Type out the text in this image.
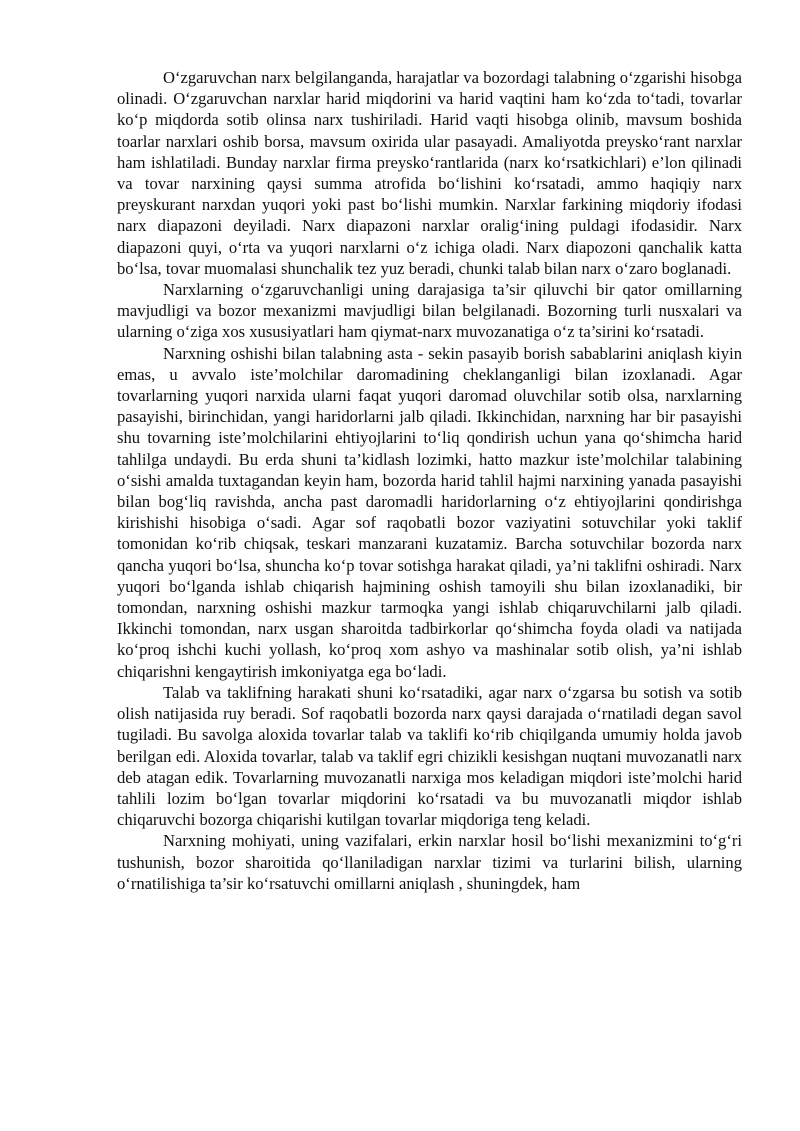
O‘zgaruvchan narx belgilanganda, harajatlar va bozordagi talabning o‘zgarishi hisobga olinadi. O‘zgaruvchan narxlar harid miqdorini va harid vaqtini ham ko‘zda to‘tadi, tovarlar ko‘p miqdorda sotib olinsa narx tushiriladi. Harid vaqti hisobga olinib, mavsum boshida toarlar narxlari oshib borsa, mavsum oxirida ular pasayadi. Amaliyotda preysko‘rant narxlar ham ishlatiladi. Bunday narxlar firma preysko‘rantlarida (narx ko‘rsatkichlari) e’lon qilinadi va tovar narxining qaysi summa atrofida bo‘lishini ko‘rsatadi, ammo haqiqiy narx preyskurant narxdan yuqori yoki past bo‘lishi mumkin. Narxlar farkining miqdoriy ifodasi narx diapazoni deyiladi. Narx diapazoni narxlar oralig‘ining puldagi ifodasidir. Narx diapazoni quyi, o‘rta va yuqori narxlarni o‘z ichiga oladi. Narx diapozoni qanchalik katta bo‘lsa, tovar muomalasi shunchalik tez yuz beradi, chunki talab bilan narx o‘zaro boglanadi.

Narxlarning o‘zgaruvchanligi uning darajasiga ta’sir qiluvchi bir qator omillarning mavjudligi va bozor mexanizmi mavjudligi bilan belgilanadi. Bozorning turli nusxalari va ularning o‘ziga xos xususiyatlari ham qiymat-narx muvozanatiga o‘z ta’sirini ko‘rsatadi.

Narxning oshishi bilan talabning asta - sekin pasayib borish sabablarini aniqlash kiyin emas, u avvalo iste’molchilar daromadining cheklanganligi bilan izoxlanadi. Agar tovarlarning yuqori narxida ularni faqat yuqori daromad oluvchilar sotib olsa, narxlarning pasayishi, birinchidan, yangi haridorlarni jalb qiladi. Ikkinchidan, narxning har bir pasayishi shu tovarning iste’molchilarini ehtiyojlarini to‘liq qondirish uchun yana qo‘shimcha harid tahlilga undaydi. Bu erda shuni ta’kidlash lozimki, hatto mazkur iste’molchilar talabining o‘sishi amalda tuxtagandan keyin ham, bozorda harid tahlil hajmi narxining yanada pasayishi bilan bog‘liq ravishda, ancha past daromadli haridorlarning o‘z ehtiyojlarini qondirishga kirishishi hisobiga o‘sadi. Agar sof raqobatli bozor vaziyatini sotuvchilar yoki taklif tomonidan ko‘rib chiqsak, teskari manzarani kuzatamiz. Barcha sotuvchilar bozorda narx qancha yuqori bo‘lsa, shuncha ko‘p tovar sotishga harakat qiladi, ya’ni taklifni oshiradi. Narx yuqori bo‘lganda ishlab chiqarish hajmining oshish tamoyili shu bilan izoxlanadiki, bir tomondan, narxning oshishi mazkur tarmoqka yangi ishlab chiqaruvchilarni jalb qiladi. Ikkinchi tomondan, narx usgan sharoitda tadbirkorlar qo‘shimcha foyda oladi va natijada ko‘proq ishchi kuchi yollash, ko‘proq xom ashyo va mashinalar sotib olish, ya’ni ishlab chiqarishni kengaytirish imkoniyatga ega bo‘ladi.

Talab va taklifning harakati shuni ko‘rsatadiki, agar narx o‘zgarsa bu sotish va sotib olish natijasida ruy beradi. Sof raqobatli bozorda narx qaysi darajada o‘rnatiladi degan savol tugiladi. Bu savolga aloxida tovarlar talab va taklifi ko‘rib chiqilganda umumiy holda javob berilgan edi. Aloxida tovarlar, talab va taklif egri chizikli kesishgan nuqtani muvozanatli narx deb atagan edik. Tovarlarning muvozanatli narxiga mos keladigan miqdori iste’molchi harid tahlili lozim bo‘lgan tovarlar miqdorini ko‘rsatadi va bu muvozanatli miqdor ishlab chiqaruvchi bozorga chiqarishi kutilgan tovarlar miqdoriga teng keladi.

Narxning mohiyati, uning vazifalari, erkin narxlar hosil bo‘lishi mexanizmini to‘g‘ri tushunish, bozor sharoitida qo‘llaniladigan narxlar tizimi va turlarini bilish, ularning o‘rnatilishiga ta’sir ko‘rsatuvchi omillarni aniqlash , shuningdek, ham
